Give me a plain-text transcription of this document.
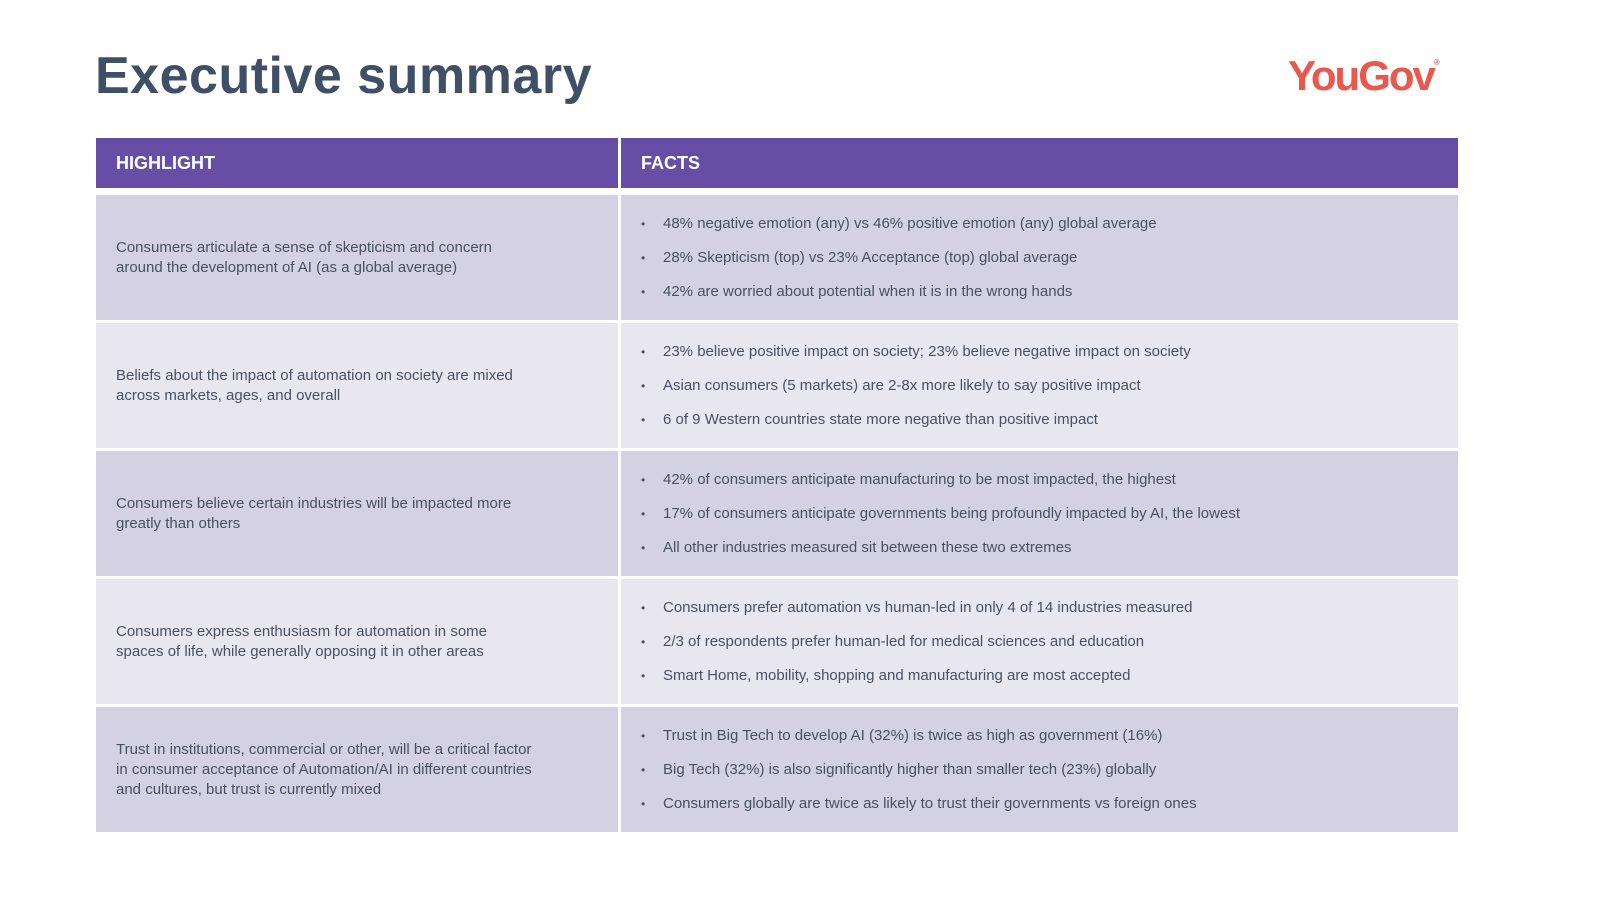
Executive summary	YouGov®
HIGHLIGHT	FACTS
Consumers articulate a sense of skepticism and concern around the development of AI (as a global average)
•	48% negative emotion (any) vs 46% positive emotion (any) global average
•	28% Skepticism (top) vs 23% Acceptance (top) global average
•	42% are worried about potential when it is in the wrong hands
Beliefs about the impact of automation on society are mixed across markets, ages, and overall
•	23% believe positive impact on society; 23% believe negative impact on society
•	Asian consumers (5 markets) are 2-8x more likely to say positive impact
•	6 of 9 Western countries state more negative than positive impact
Consumers believe certain industries will be impacted more greatly than others
•	42% of consumers anticipate manufacturing to be most impacted, the highest
•	17% of consumers anticipate governments being profoundly impacted by AI, the lowest
•	All other industries measured sit between these two extremes
Consumers express enthusiasm for automation in some spaces of life, while generally opposing it in other areas
•	Consumers prefer automation vs human-led in only 4 of 14 industries measured
•	2/3 of respondents prefer human-led for medical sciences and education
•	Smart Home, mobility, shopping and manufacturing are most accepted
Trust in institutions, commercial or other, will be a critical factor in consumer acceptance of Automation/AI in different countries and cultures, but trust is currently mixed
•	Trust in Big Tech to develop AI (32%) is twice as high as government (16%)
•	Big Tech (32%) is also significantly higher than smaller tech (23%) globally
•	Consumers globally are twice as likely to trust their governments vs foreign ones
